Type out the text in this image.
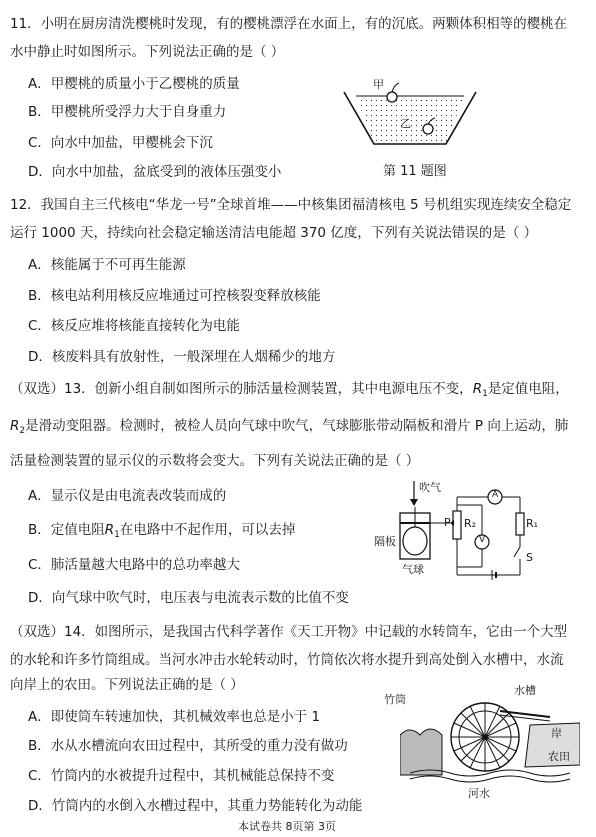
11．小明在厨房清洗樱桃时发现，有的樱桃漂浮在水面上，有的沉底。两颗体积相等的樱桃在
水中静止时如图所示。下列说法正确的是（ ）
A．甲樱桃的质量小于乙樱桃的质量
B．甲樱桃所受浮力大于自身重力
C．向水中加盐，甲樱桃会下沉
D．向水中加盐，盆底受到的液体压强变小
甲
乙
第 11 题图
12．我国自主三代核电“华龙一号”全球首堆——中核集团福清核电 5 号机组实现连续安全稳定
运行 1000 天，持续向社会稳定输送清洁电能超 370 亿度，下列有关说法错误的是（ ）
A．核能属于不可再生能源
B．核电站利用核反应堆通过可控核裂变释放核能
C．核反应堆将核能直接转化为电能
D．核废料具有放射性，一般深埋在人烟稀少的地方
（双选）13．创新小组自制如图所示的肺活量检测装置，其中电源电压不变，$R_1$是定值电阻，
$R_2$是滑动变阻器。检测时，被检人员向气球中吹气，气球膨胀带动隔板和滑片 P 向上运动，肺
活量检测装置的显示仪的示数将会变大。下列有关说法正确的是（ ）
A．显示仪是由电流表改装而成的
B．定值电阻$R_1$在电路中不起作用，可以去掉
C．肺活量越大电路中的总功率越大
D．向气球中吹气时，电压表与电流表示数的比值不变
吹气
P R₂
A
V
R₁
S
隔板
气球
（双选）14．如图所示，是我国古代科学著作《天工开物》中记载的水转筒车，它由一个大型
的水轮和许多竹筒组成。当河水冲击水轮转动时，竹筒依次将水提升到高处倒入水槽中，水流
向岸上的农田。下列说法正确的是（ ）
A．即使筒车转速加快，其机械效率也总是小于 1
B．水从水槽流向农田过程中，其所受的重力没有做功
C．竹筒内的水被提升过程中，其机械能总保持不变
D．竹筒内的水倒入水槽过程中，其重力势能转化为动能
竹筒
水槽
岸
农田
河水
本试卷共 8页第 3页
